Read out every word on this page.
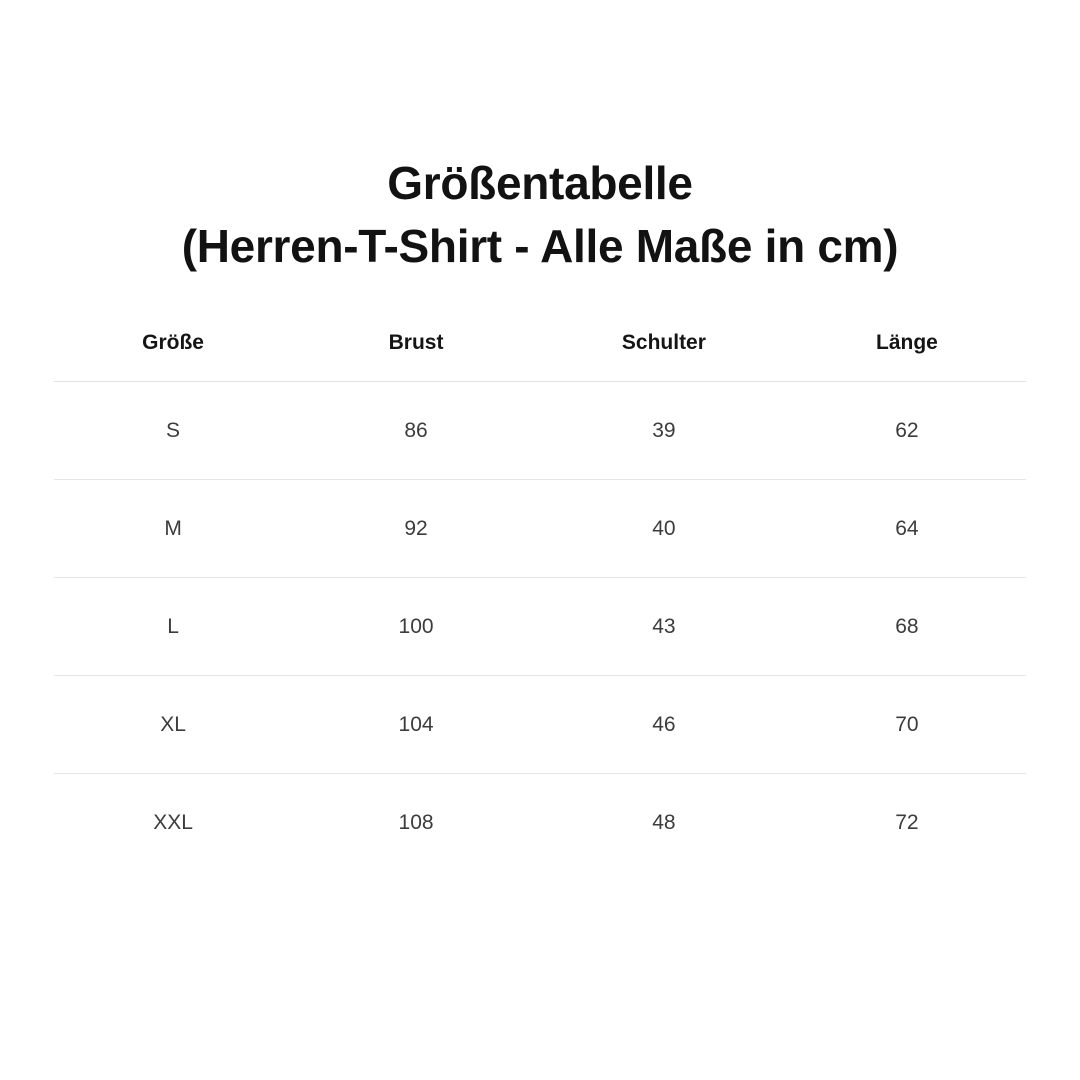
Größentabelle
(Herren-T-Shirt - Alle Maße in cm)
Größe	Brust	Schulter	Länge
S	86	39	62
M	92	40	64
L	100	43	68
XL	104	46	70
XXL	108	48	72
